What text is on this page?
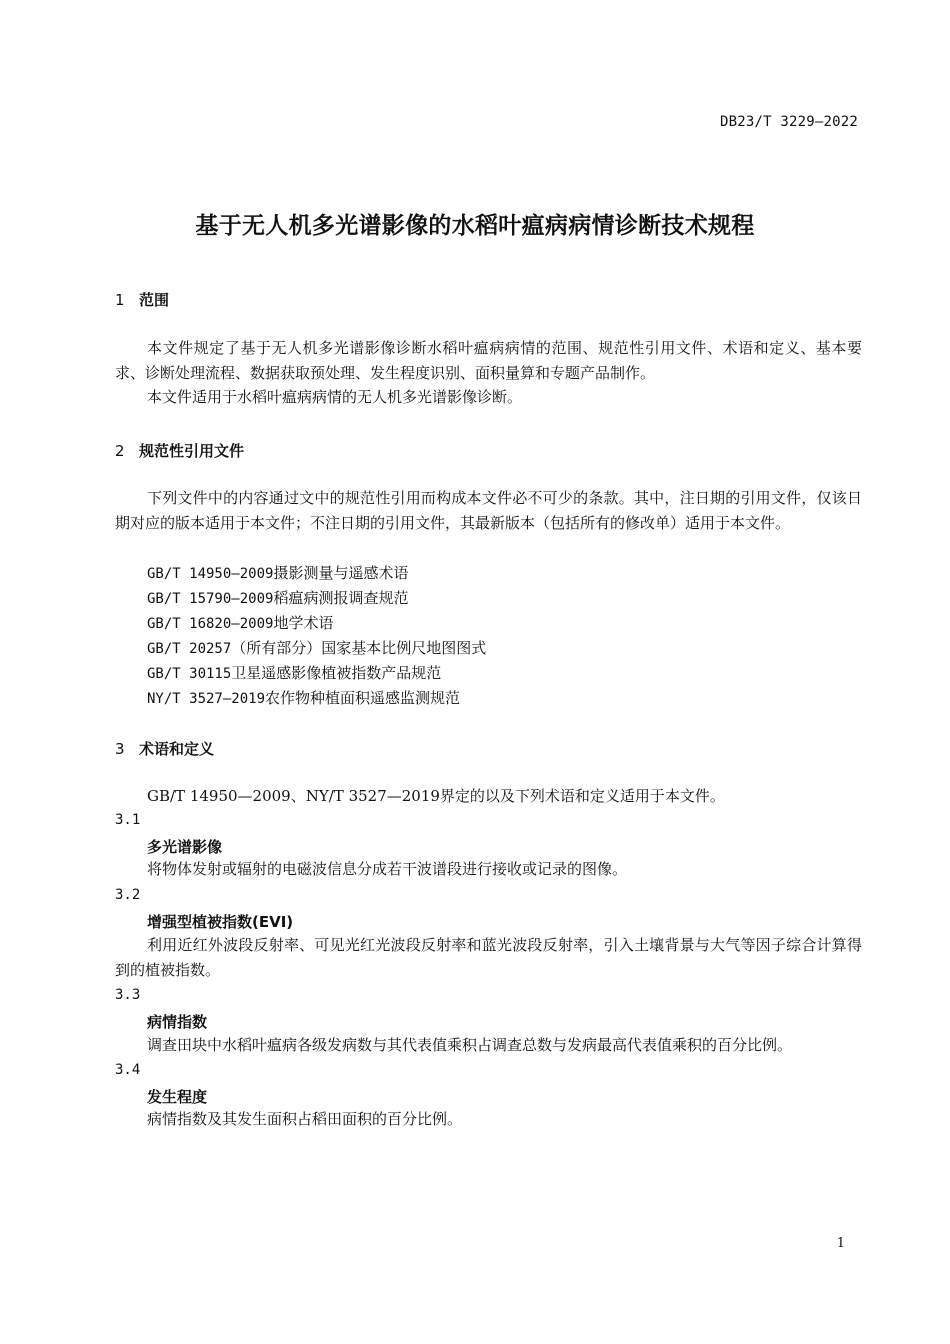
DB23/T 3229—2022
基于无人机多光谱影像的水稻叶瘟病病情诊断技术规程
1 范围
本文件规定了基于无人机多光谱影像诊断水稻叶瘟病病情的范围、规范性引用文件、术语和定义、基本要求、诊断处理流程、数据获取预处理、发生程度识别、面积量算和专题产品制作。
本文件适用于水稻叶瘟病病情的无人机多光谱影像诊断。
2 规范性引用文件
下列文件中的内容通过文中的规范性引用而构成本文件必不可少的条款。其中，注日期的引用文件，仅该日期对应的版本适用于本文件；不注日期的引用文件，其最新版本（包括所有的修改单）适用于本文件。
GB/T 14950—2009摄影测量与遥感术语
GB/T 15790—2009稻瘟病测报调查规范
GB/T 16820—2009地学术语
GB/T 20257（所有部分）国家基本比例尺地图图式
GB/T 30115卫星遥感影像植被指数产品规范
NY/T 3527—2019农作物种植面积遥感监测规范
3 术语和定义
GB/T 14950—2009、NY/T 3527—2019界定的以及下列术语和定义适用于本文件。
3.1
多光谱影像
将物体发射或辐射的电磁波信息分成若干波谱段进行接收或记录的图像。
3.2
增强型植被指数(EVI)
利用近红外波段反射率、可见光红光波段反射率和蓝光波段反射率，引入土壤背景与大气等因子综合计算得到的植被指数。
3.3
病情指数
调查田块中水稻叶瘟病各级发病数与其代表值乘积占调查总数与发病最高代表值乘积的百分比例。
3.4
发生程度
病情指数及其发生面积占稻田面积的百分比例。
1
